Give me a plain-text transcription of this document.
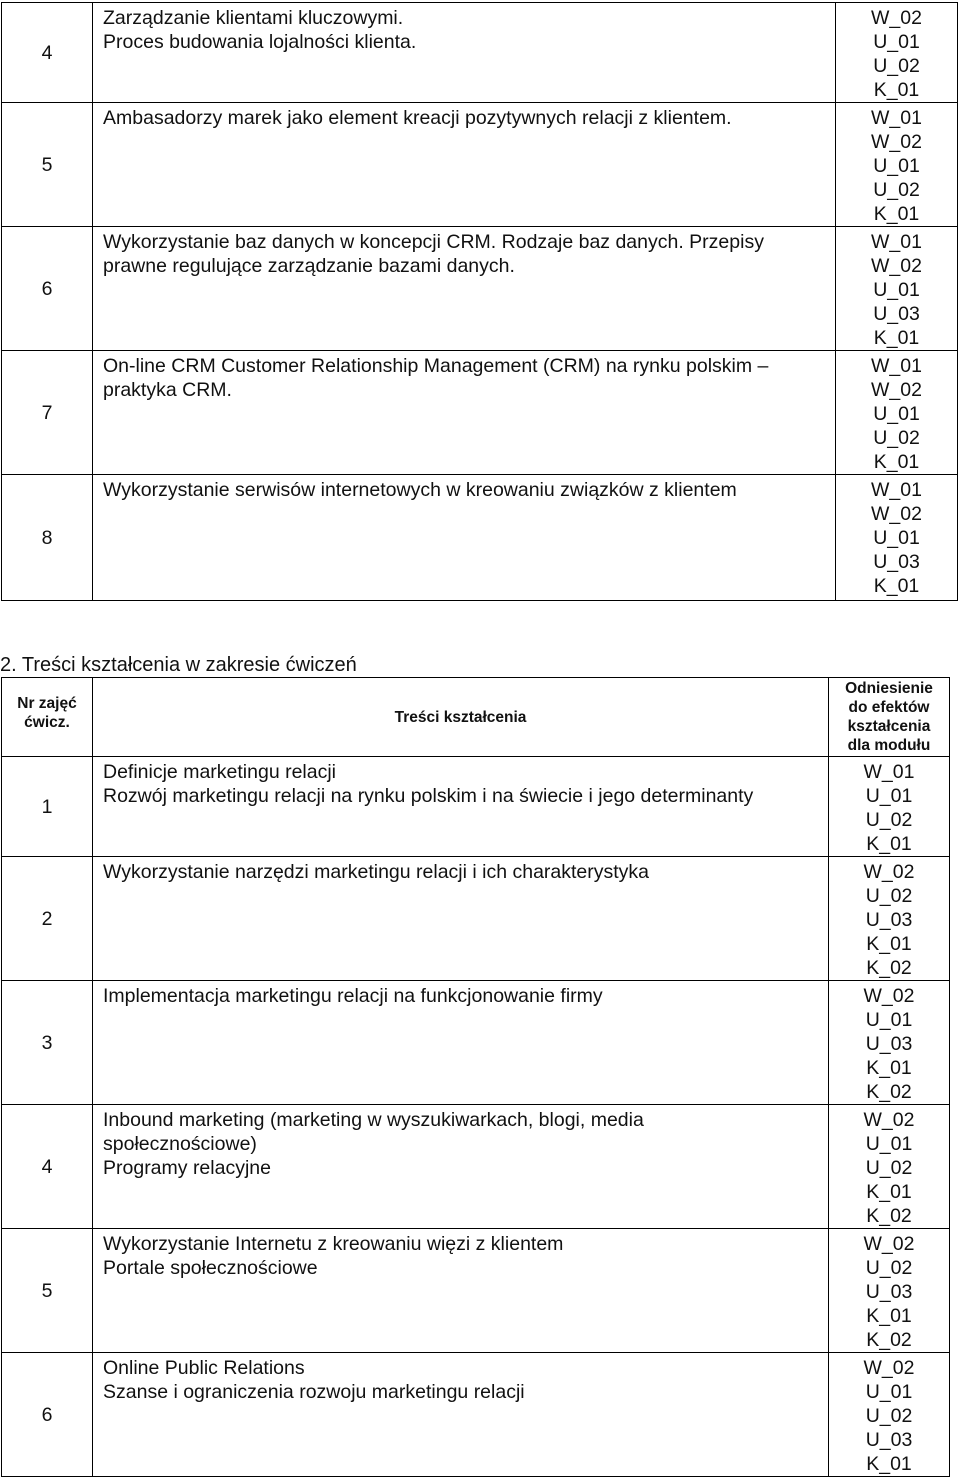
4	Zarządzanie klientami kluczowymi.
Proces budowania lojalności klienta.	W_02
U_01
U_02
K_01

5	Ambasadorzy marek jako element kreacji pozytywnych relacji z klientem.	W_01
W_02
U_01
U_02
K_01

6	Wykorzystanie baz danych w koncepcji CRM. Rodzaje baz danych. Przepisy
prawne regulujące zarządzanie bazami danych.	W_01
W_02
U_01
U_03
K_01

7	On-line CRM Customer Relationship Management (CRM) na rynku polskim –
praktyka CRM.	W_01
W_02
U_01
U_02
K_01

8	Wykorzystanie serwisów internetowych w kreowaniu związków z klientem	W_01
W_02
U_01
U_03
K_01
2. Treści kształcenia w zakresie ćwiczeń
Nr zajęć
ćwicz.	Treści kształcenia	Odniesienie
do efektów
kształcenia
dla modułu

1	Definicje marketingu relacji
Rozwój marketingu relacji na rynku polskim i na świecie i jego determinanty	W_01
U_01
U_02
K_01

2	Wykorzystanie narzędzi marketingu relacji i ich charakterystyka	W_02
U_02
U_03
K_01
K_02

3	Implementacja marketingu relacji na funkcjonowanie firmy	W_02
U_01
U_03
K_01
K_02

4	Inbound marketing (marketing w wyszukiwarkach, blogi, media
społecznościowe)
Programy relacyjne	W_02
U_01
U_02
K_01
K_02

5	Wykorzystanie Internetu z kreowaniu więzi z klientem
Portale społecznościowe	W_02
U_02
U_03
K_01
K_02

6	Online Public Relations
Szanse i ograniczenia rozwoju marketingu relacji	W_02
U_01
U_02
U_03
K_01
